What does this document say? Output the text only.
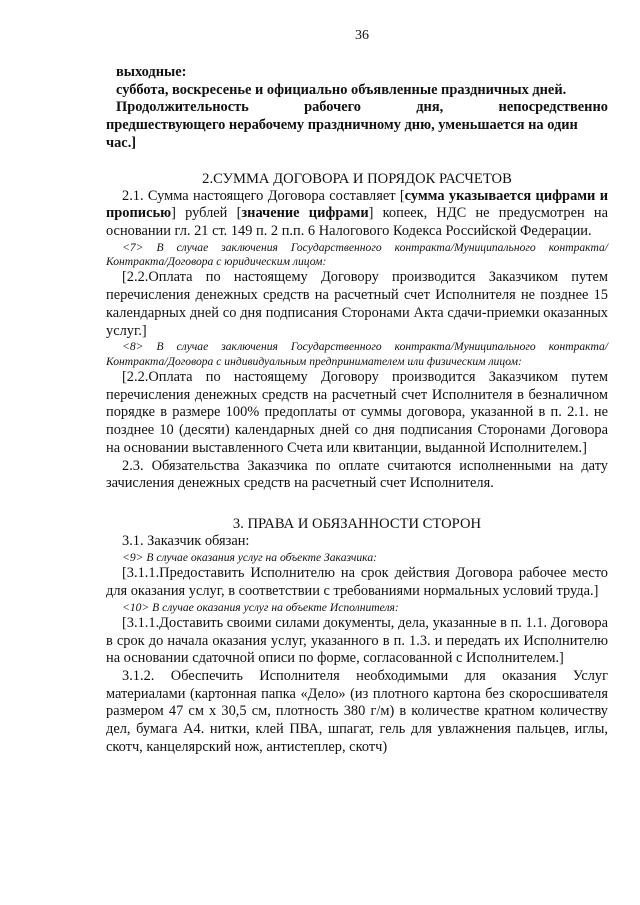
36

выходные:

суббота, воскресенье и официально объявленные праздничных дней.

Продолжительность	рабочего	дня,	непосредственно

предшествующего нерабочему праздничному дню, уменьшается на один

час.]

2.СУММА ДОГОВОРА И ПОРЯДОК РАСЧЕТОВ

2.1. Сумма настоящего Договора составляет [сумма указывается цифрами и прописью] рублей [значение цифрами] копеек, НДС не предусмотрен на основании гл. 21 ст. 149 п. 2 п.п. 6 Налогового Кодекса Российской Федерации.

<7> В случае заключения Государственного контракта/Муниципального контракта/Контракта/Договора с юридическим лицом:

[2.2.Оплата по настоящему Договору производится Заказчиком путем перечисления денежных средств на расчетный счет Исполнителя не позднее 15 календарных дней со дня подписания Сторонами Акта сдачи-приемки оказанных услуг.]

<8> В случае заключения Государственного контракта/Муниципального контракта/Контракта/Договора с индивидуальным предпринимателем или физическим лицом:

[2.2.Оплата по настоящему Договору производится Заказчиком путем перечисления денежных средств на расчетный счет Исполнителя в безналичном порядке в размере 100% предоплаты от суммы договора, указанной в п. 2.1. не позднее 10 (десяти) календарных дней со дня подписания Сторонами Договора на основании выставленного Счета или квитанции, выданной Исполнителем.]

2.3. Обязательства Заказчика по оплате считаются исполненными на дату зачисления денежных средств на расчетный счет Исполнителя.

3. ПРАВА И ОБЯЗАННОСТИ СТОРОН

3.1. Заказчик обязан:

<9> В случае оказания услуг на объекте Заказчика:

[3.1.1.Предоставить Исполнителю на срок действия Договора рабочее место для оказания услуг, в соответствии с требованиями нормальных условий труда.]

<10> В случае оказания услуг на объекте Исполнителя:

[3.1.1.Доставить своими силами документы, дела, указанные в п. 1.1. Договора в срок до начала оказания услуг, указанного в п. 1.3. и передать их Исполнителю на основании сдаточной описи по форме, согласованной с Исполнителем.]

3.1.2. Обеспечить Исполнителя необходимыми для оказания Услуг материалами (картонная папка «Дело» (из плотного картона без скоросшивателя размером 47 см х 30,5 см, плотность 380 г/м) в количестве кратном количеству дел, бумага А4. нитки, клей ПВА, шпагат, гель для увлажнения пальцев, иглы, скотч, канцелярский нож, антистеплер, скотч)
